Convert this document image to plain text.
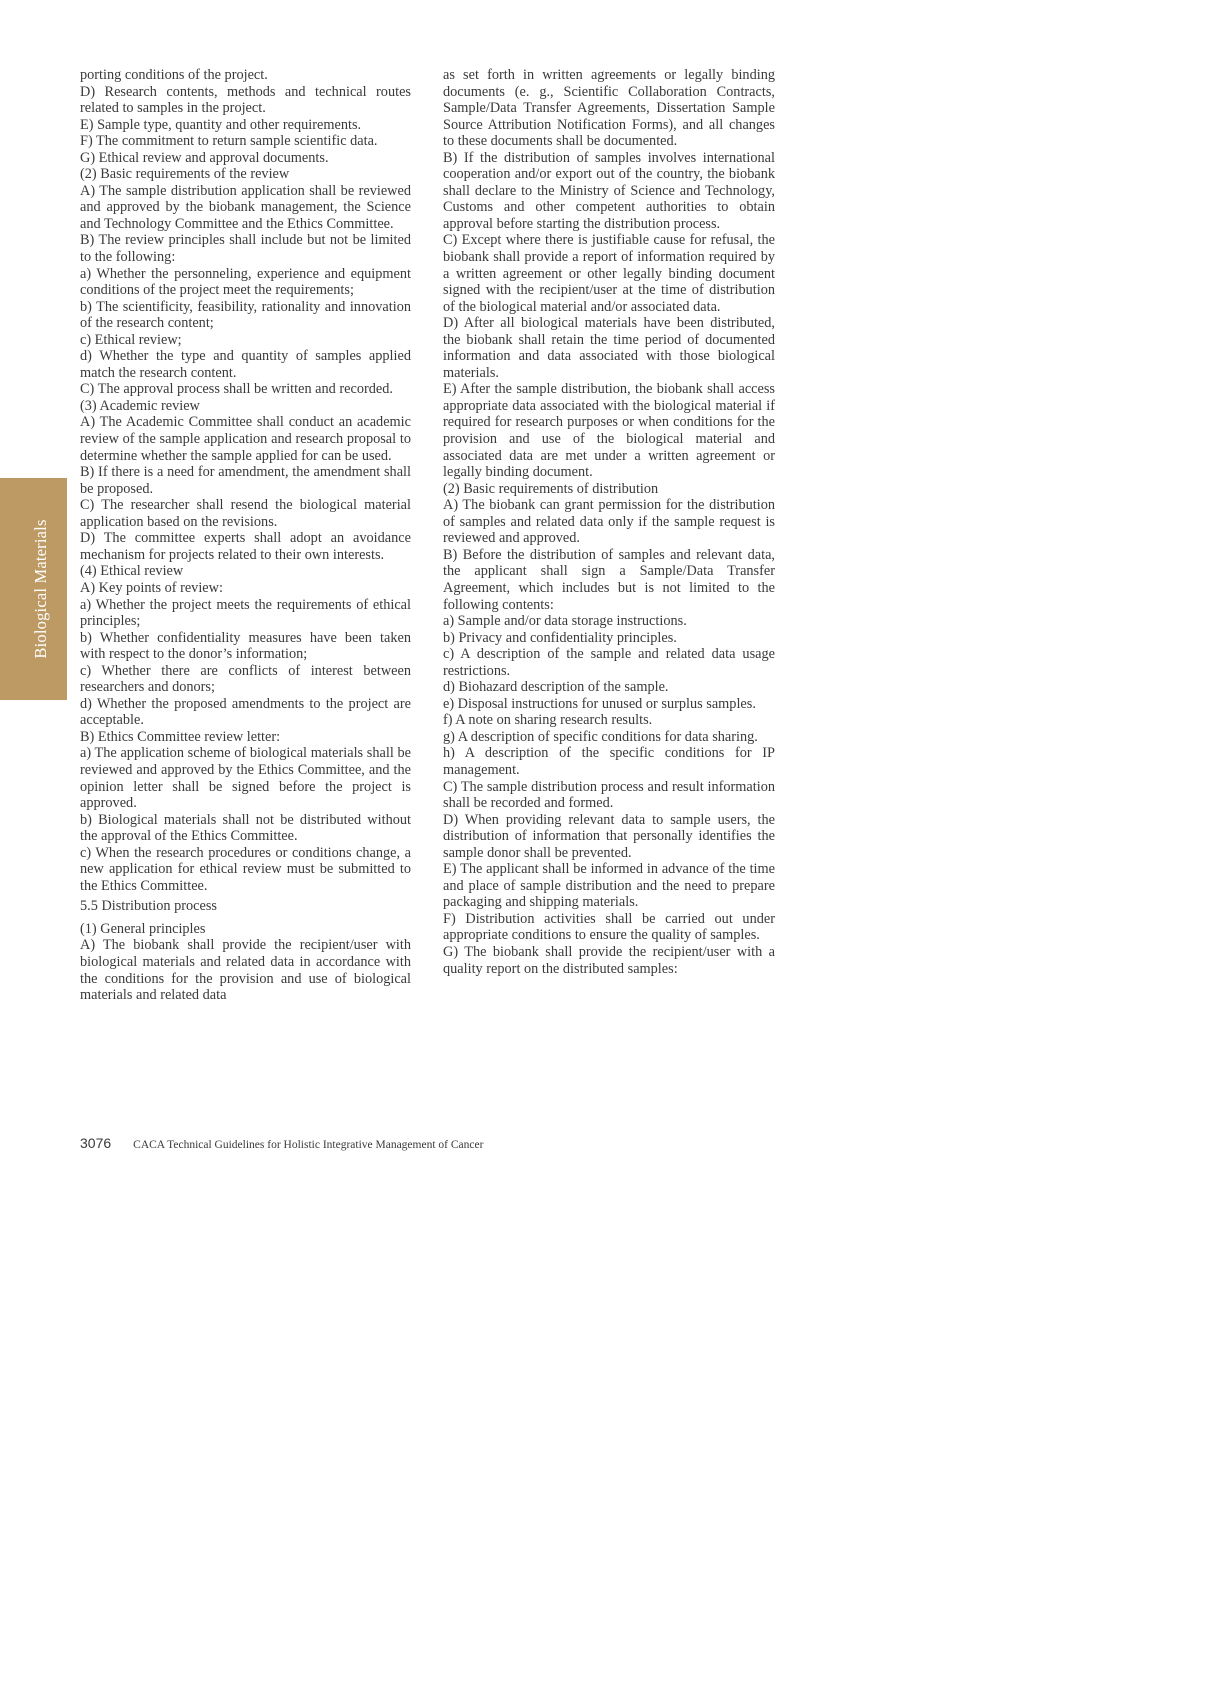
Biological Materials

porting conditions of the project.

D) Research contents, methods and technical routes related to samples in the project.

E) Sample type, quantity and other requirements.

F) The commitment to return sample scientific data.

G) Ethical review and approval documents.

(2) Basic requirements of the review

A) The sample distribution application shall be reviewed and approved by the biobank management, the Science and Technology Committee and the Ethics Committee.

B) The review principles shall include but not be limited to the following:

a) Whether the personneling, experience and equipment conditions of the project meet the requirements;

b) The scientificity, feasibility, rationality and innovation of the research content;

c) Ethical review;

d) Whether the type and quantity of samples applied match the research content.

C) The approval process shall be written and recorded.

(3) Academic review

A) The Academic Committee shall conduct an academic review of the sample application and research proposal to determine whether the sample applied for can be used.

B) If there is a need for amendment, the amendment shall be proposed.

C) The researcher shall resend the biological material application based on the revisions.

D) The committee experts shall adopt an avoidance mechanism for projects related to their own interests.

(4) Ethical review

A) Key points of review:

a) Whether the project meets the requirements of ethical principles;

b) Whether confidentiality measures have been taken with respect to the donor’s information;

c) Whether there are conflicts of interest between researchers and donors;

d) Whether the proposed amendments to the project are acceptable.

B) Ethics Committee review letter:

a) The application scheme of biological materials shall be reviewed and approved by the Ethics Committee, and the opinion letter shall be signed before the project is approved.

b) Biological materials shall not be distributed without the approval of the Ethics Committee.

c) When the research procedures or conditions change, a new application for ethical review must be submitted to the Ethics Committee.

5.5 Distribution process

(1) General principles

A) The biobank shall provide the recipient/user with biological materials and related data in accordance with the conditions for the provision and use of biological materials and related data

as set forth in written agreements or legally binding documents (e. g., Scientific Collaboration Contracts, Sample/Data Transfer Agreements, Dissertation Sample Source Attribution Notification Forms), and all changes to these documents shall be documented.

B) If the distribution of samples involves international cooperation and/or export out of the country, the biobank shall declare to the Ministry of Science and Technology, Customs and other competent authorities to obtain approval before starting the distribution process.

C) Except where there is justifiable cause for refusal, the biobank shall provide a report of information required by a written agreement or other legally binding document signed with the recipient/user at the time of distribution of the biological material and/or associated data.

D) After all biological materials have been distributed, the biobank shall retain the time period of documented information and data associated with those biological materials.

E) After the sample distribution, the biobank shall access appropriate data associated with the biological material if required for research purposes or when conditions for the provision and use of the biological material and associated data are met under a written agreement or legally binding document.

(2) Basic requirements of distribution

A) The biobank can grant permission for the distribution of samples and related data only if the sample request is reviewed and approved.

B) Before the distribution of samples and relevant data, the applicant shall sign a Sample/Data Transfer Agreement, which includes but is not limited to the following contents:

a) Sample and/or data storage instructions.

b) Privacy and confidentiality principles.

c) A description of the sample and related data usage restrictions.

d) Biohazard description of the sample.

e) Disposal instructions for unused or surplus samples.

f) A note on sharing research results.

g) A description of specific conditions for data sharing.

h) A description of the specific conditions for IP management.

C) The sample distribution process and result information shall be recorded and formed.

D) When providing relevant data to sample users, the distribution of information that personally identifies the sample donor shall be prevented.

E) The applicant shall be informed in advance of the time and place of sample distribution and the need to prepare packaging and shipping materials.

F) Distribution activities shall be carried out under appropriate conditions to ensure the quality of samples.

G) The biobank shall provide the recipient/user with a quality report on the distributed samples:

3076 CACA Technical Guidelines for Holistic Integrative Management of Cancer
